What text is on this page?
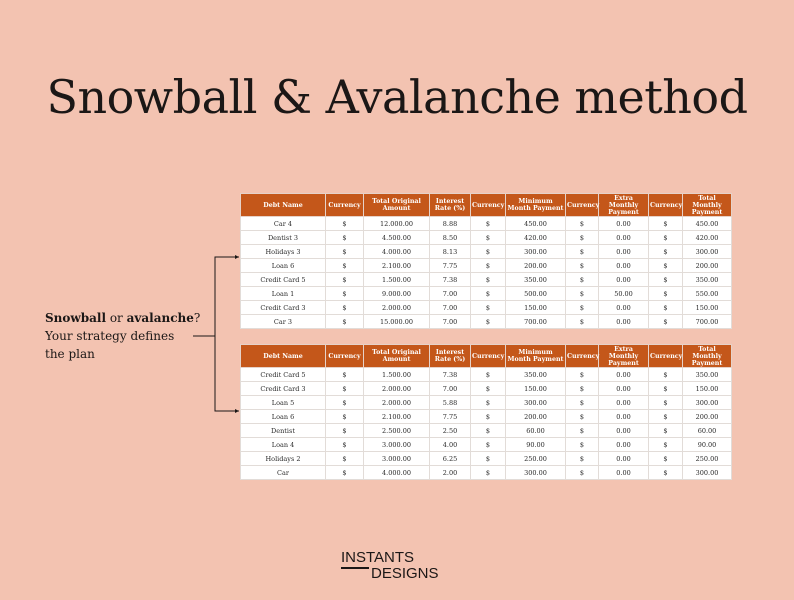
Snowball & Avalanche method
Debt Name	Currency	Total Original Amount	Interest Rate (%)	Currency	Minimum Month Payment	Currency	Extra Monthly Payment	Currency	Total Monthly Payment
Car 4	$	12.000.00	8.88	$	450.00	$	0.00	$	450.00
Dentist 3	$	4.500.00	8.50	$	420.00	$	0.00	$	420.00
Holidays 3	$	4.000.00	8.13	$	300.00	$	0.00	$	300.00
Loan 6	$	2.100.00	7.75	$	200.00	$	0.00	$	200.00
Credit Card 5	$	1.500.00	7.38	$	350.00	$	0.00	$	350.00
Loan 1	$	9.000.00	7.00	$	500.00	$	50.00	$	550.00
Credit Card 3	$	2.000.00	7.00	$	150.00	$	0.00	$	150.00
Car 3	$	15.000.00	7.00	$	700.00	$	0.00	$	700.00
Debt Name	Currency	Total Original Amount	Interest Rate (%)	Currency	Minimum Month Payment	Currency	Extra Monthly Payment	Currency	Total Monthly Payment
Credit Card 5	$	1.500.00	7.38	$	350.00	$	0.00	$	350.00
Credit Card 3	$	2.000.00	7.00	$	150.00	$	0.00	$	150.00
Loan 5	$	2.000.00	5.88	$	300.00	$	0.00	$	300.00
Loan 6	$	2.100.00	7.75	$	200.00	$	0.00	$	200.00
Dentist	$	2.500.00	2.50	$	60.00	$	0.00	$	60.00
Loan 4	$	3.000.00	4.00	$	90.00	$	0.00	$	90.00
Holidays 2	$	3.000.00	6.25	$	250.00	$	0.00	$	250.00
Car	$	4.000.00	2.00	$	300.00	$	0.00	$	300.00
Snowball or avalanche?
Your strategy defines
the plan
INSTANTS
DESIGNS
